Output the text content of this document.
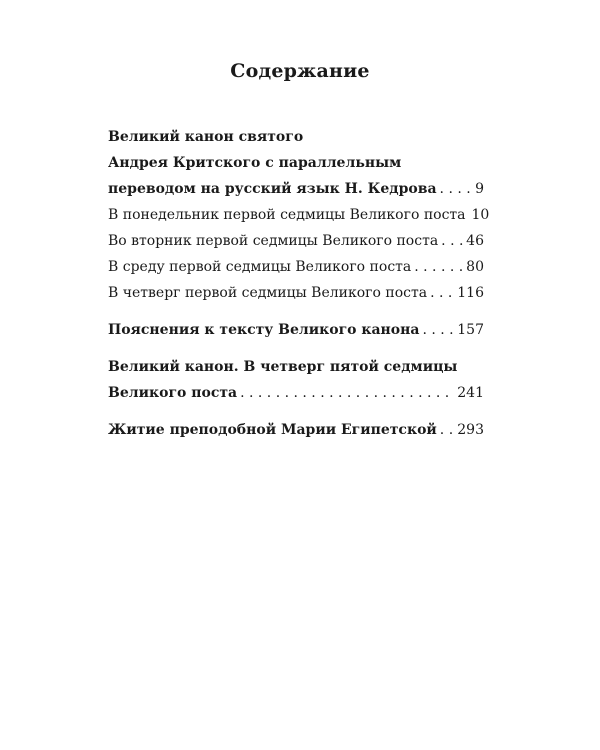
Содержание
Великий канон святого
Андрея Критского с параллельным
переводом на русский язык Н. Кедрова . . .	9
В понедельник первой седмицы Великого поста 10
Во вторник первой седмицы Великого поста . . . 46
В среду первой седмицы Великого поста . . .	80
В четверг первой седмицы Великого поста . . . 116
Пояснения к тексту Великого канона . . .	157
Великий канон. В четверг пятой седмицы
Великого поста . . .	241
Житие преподобной Марии Египетской . . . 293
